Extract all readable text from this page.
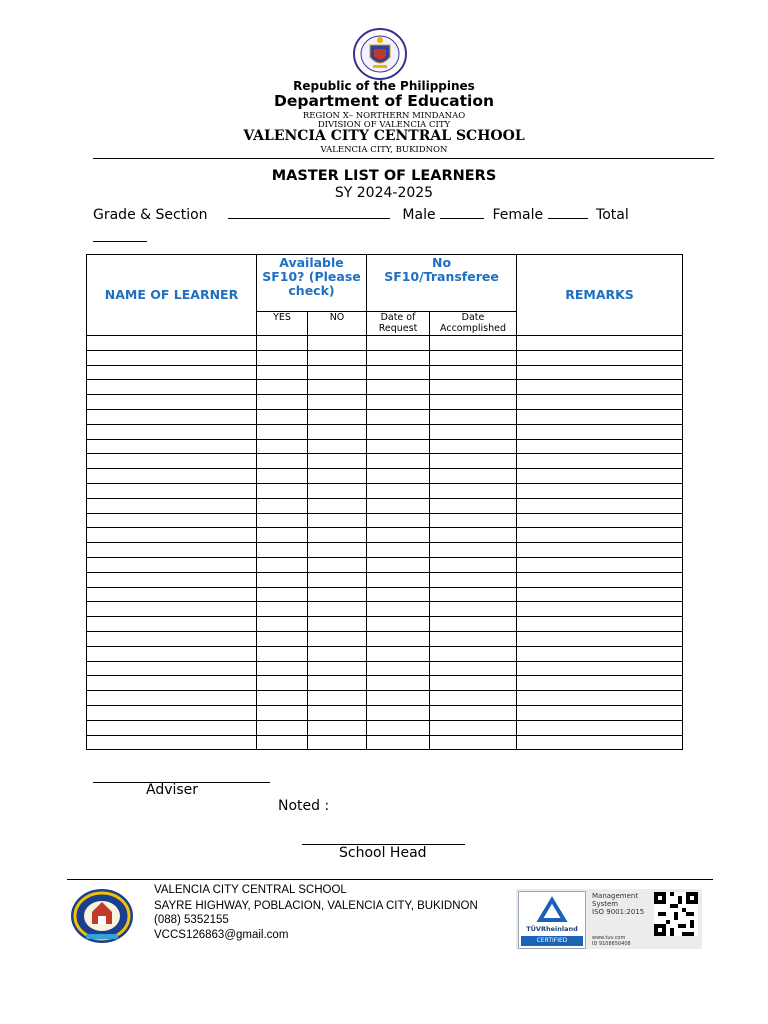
Republic of the Philippines
Department of Education
REGION X– NORTHERN MINDANAO
DIVISION OF VALENCIA CITY
VALENCIA CITY CENTRAL SCHOOL
VALENCIA CITY, BUKIDNON
MASTER LIST OF LEARNERS
SY 2024-2025
Grade & Section	Male	Female	Total

NAME OF LEARNER	Available SF10? (Please check)		No SF10/Transferee		REMARKS
	YES	NO	Date of Request	Date Accomplished	

Adviser
Noted :
School Head
VALENCIA CITY CENTRAL SCHOOL
SAYRE HIGHWAY, POBLACION, VALENCIA CITY, BUKIDNON
(088) 5352155
VCCS126863@gmail.com	TÜVRheinland
CERTIFIED
Management
System
ISO 9001:2015
www.tuv.com
ID 9108650408
